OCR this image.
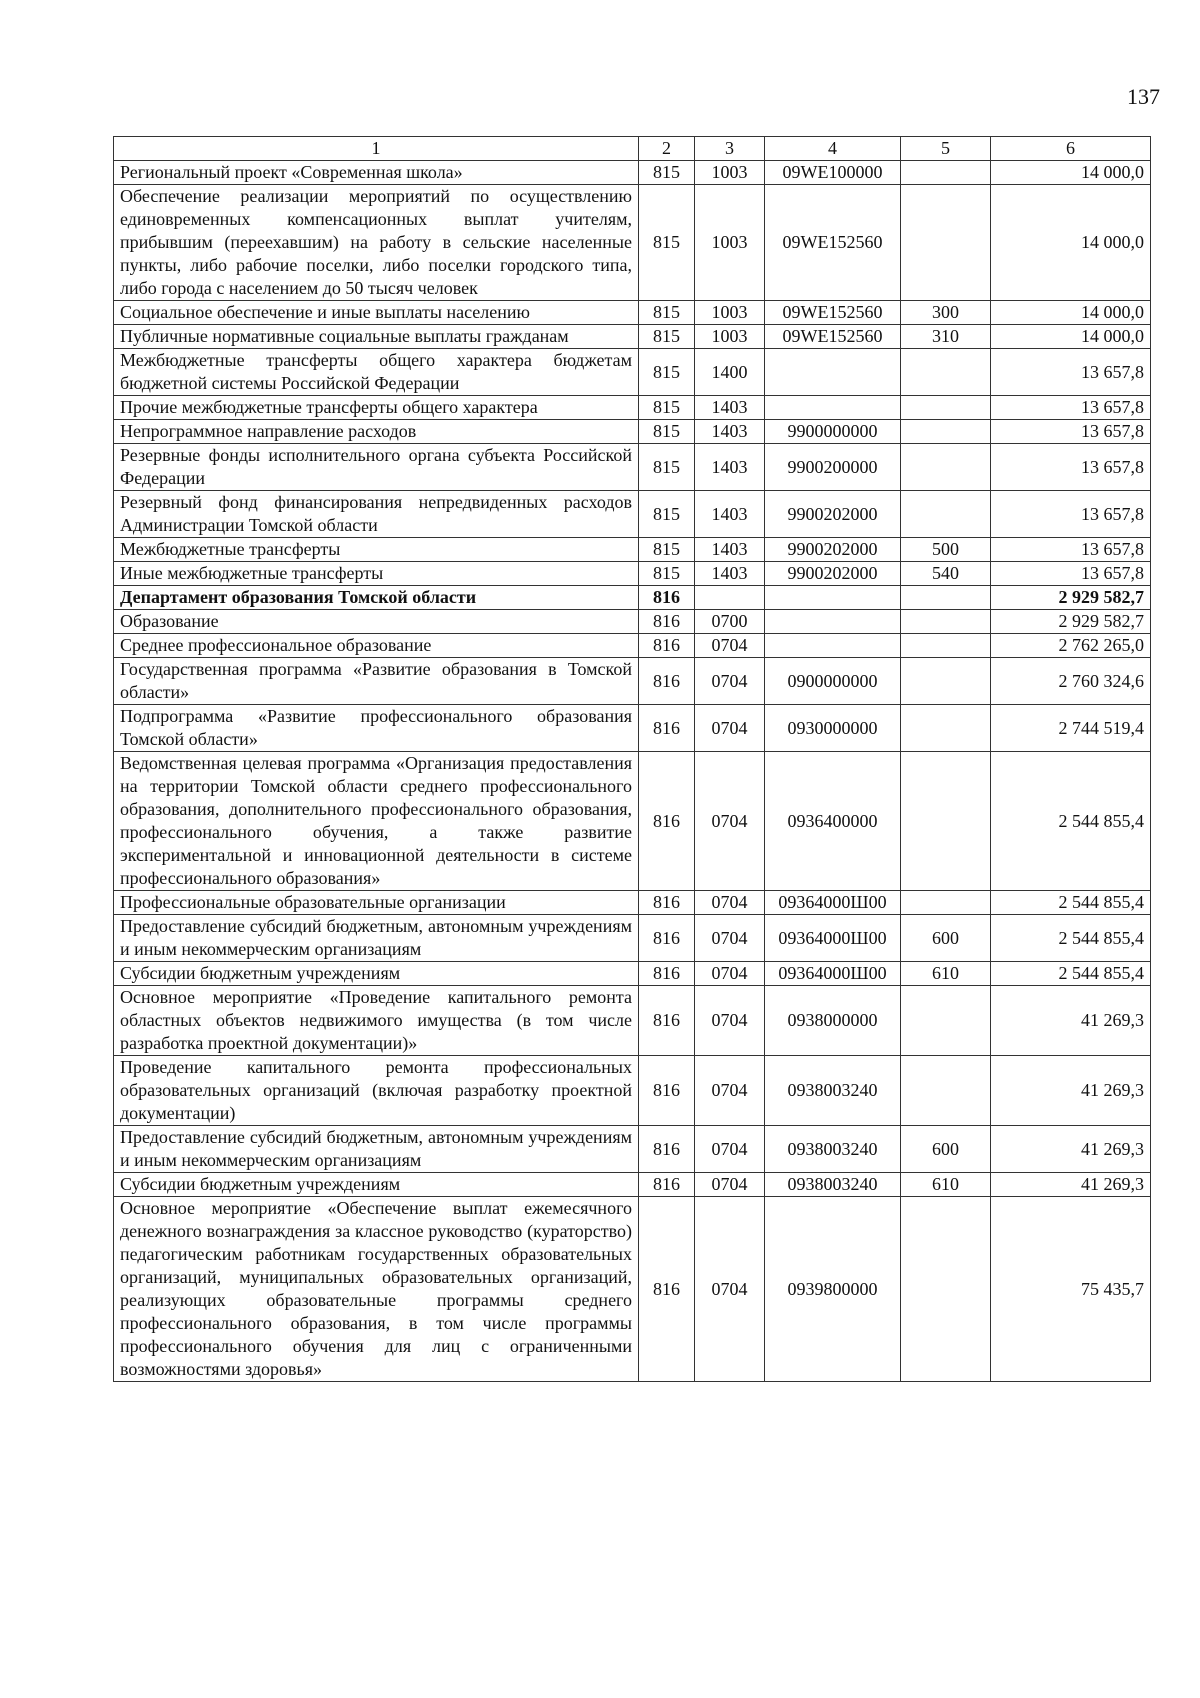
137
1	2	3	4	5	6
Региональный проект «Современная школа»	815	1003	09WE100000		14 000,0
Обеспечение реализации мероприятий по осуществлению единовременных компенсационных выплат учителям, прибывшим (переехавшим) на работу в сельские населенные пункты, либо рабочие поселки, либо поселки городского типа, либо города с населением до 50 тысяч человек	815	1003	09WE152560		14 000,0
Социальное обеспечение и иные выплаты населению	815	1003	09WE152560	300	14 000,0
Публичные нормативные социальные выплаты гражданам	815	1003	09WE152560	310	14 000,0
Межбюджетные трансферты общего характера бюджетам бюджетной системы Российской Федерации	815	1400			13 657,8
Прочие межбюджетные трансферты общего характера	815	1403			13 657,8
Непрограммное направление расходов	815	1403	9900000000		13 657,8
Резервные фонды исполнительного органа субъекта Российской Федерации	815	1403	9900200000		13 657,8
Резервный фонд финансирования непредвиденных расходов Администрации Томской области	815	1403	9900202000		13 657,8
Межбюджетные трансферты	815	1403	9900202000	500	13 657,8
Иные межбюджетные трансферты	815	1403	9900202000	540	13 657,8
Департамент образования Томской области	816				2 929 582,7
Образование	816	0700			2 929 582,7
Среднее профессиональное образование	816	0704			2 762 265,0
Государственная программа «Развитие образования в Томской области»	816	0704	0900000000		2 760 324,6
Подпрограмма «Развитие профессионального образования Томской области»	816	0704	0930000000		2 744 519,4
Ведомственная целевая программа «Организация предоставления на территории Томской области среднего профессионального образования, дополнительного профессионального образования, профессионального обучения, а также развитие экспериментальной и инновационной деятельности в системе профессионального образования»	816	0704	0936400000		2 544 855,4
Профессиональные образовательные организации	816	0704	09364000Ш00		2 544 855,4
Предоставление субсидий бюджетным, автономным учреждениям и иным некоммерческим организациям	816	0704	09364000Ш00	600	2 544 855,4
Субсидии бюджетным учреждениям	816	0704	09364000Ш00	610	2 544 855,4
Основное мероприятие «Проведение капитального ремонта областных объектов недвижимого имущества (в том числе разработка проектной документации)»	816	0704	0938000000		41 269,3
Проведение капитального ремонта профессиональных образовательных организаций (включая разработку проектной документации)	816	0704	0938003240		41 269,3
Предоставление субсидий бюджетным, автономным учреждениям и иным некоммерческим организациям	816	0704	0938003240	600	41 269,3
Субсидии бюджетным учреждениям	816	0704	0938003240	610	41 269,3
Основное мероприятие «Обеспечение выплат ежемесячного денежного вознаграждения за классное руководство (кураторство) педагогическим работникам государственных образовательных организаций, муниципальных образовательных организаций, реализующих образовательные программы среднего профессионального образования, в том числе программы профессионального обучения для лиц с ограниченными возможностями здоровья»	816	0704	0939800000		75 435,7
